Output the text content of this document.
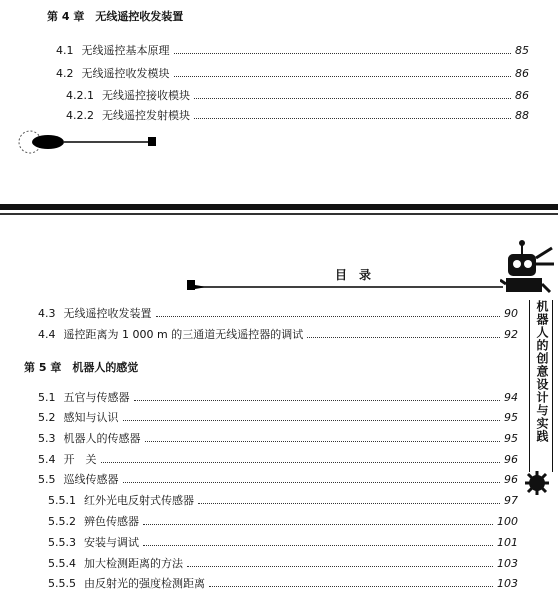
第 4 章　无线遥控收发装置
4.1 无线遥控基本原理	85
4.2 无线遥控收发模块	86
4.2.1 无线遥控接收模块	86
4.2.2 无线遥控发射模块	88
目　录
机器人的创意设计与实践
4.3 无线遥控收发装置	90
4.4 遥控距离为 1 000 m 的三通道无线遥控器的调试	92
第 5 章　机器人的感觉
5.1 五官与传感器	94
5.2 感知与认识	95
5.3 机器人的传感器	95
5.4 开　关	96
5.5 巡线传感器	96
5.5.1 红外光电反射式传感器	97
5.5.2 辨色传感器	100
5.5.3 安装与调试	101
5.5.4 加大检测距离的方法	103
5.5.5 由反射光的强度检测距离	103
